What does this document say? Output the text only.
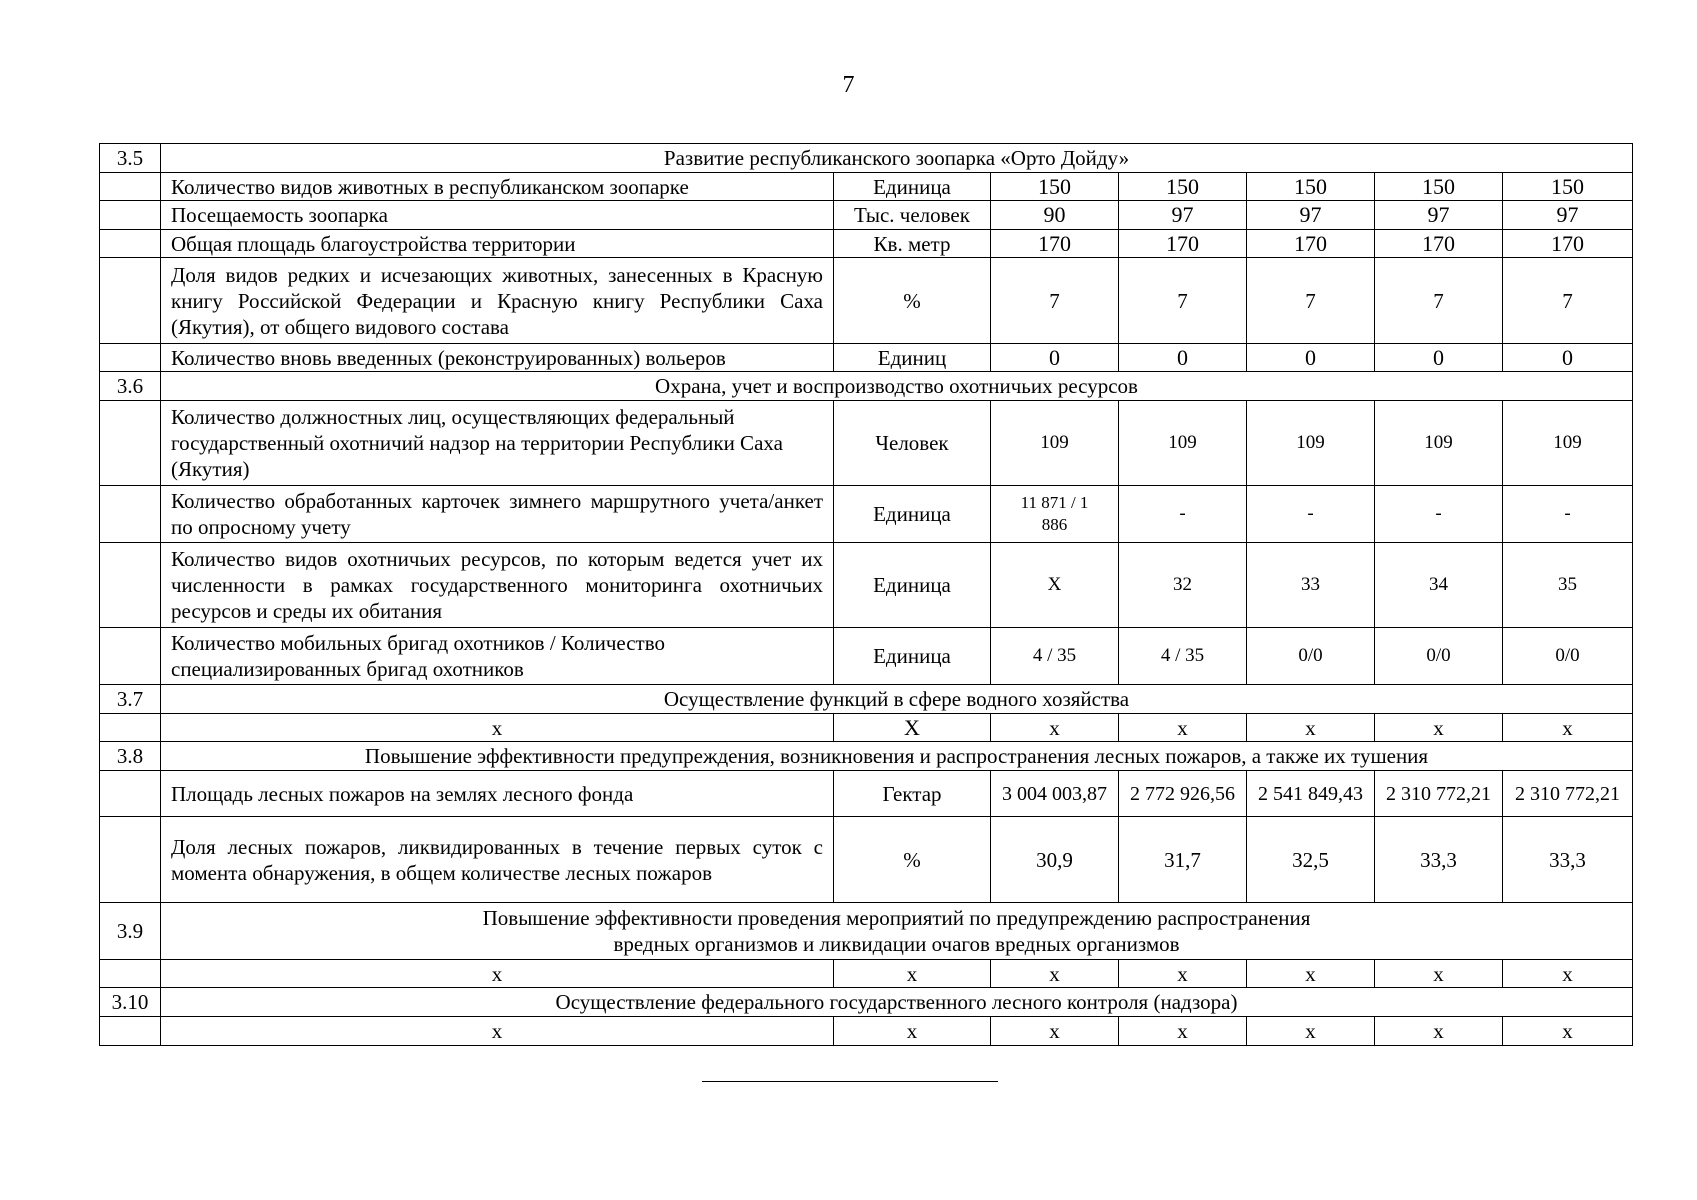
7
3.5	Развитие республиканского зоопарка «Орто Дойду»						
	Количество видов животных в республиканском зоопарке	Единица	150	150	150	150	150
	Посещаемость зоопарка	Тыс. человек	90	97	97	97	97
	Общая площадь благоустройства территории	Кв. метр	170	170	170	170	170
	Доля видов редких и исчезающих животных, занесенных в Красную книгу Российской Федерации и Красную книгу Республики Саха (Якутия), от общего видового состава	%	7	7	7	7	7
	Количество вновь введенных (реконструированных) вольеров	Единиц	0	0	0	0	0
3.6	Охрана, учет и воспроизводство охотничьих ресурсов						
	Количество должностных лиц, осуществляющих федеральный государственный охотничий надзор на территории Республики Саха (Якутия)	Человек	109	109	109	109	109
	Количество обработанных карточек зимнего маршрутного учета/анкет по опросному учету	Единица	11 871 / 1 886	-	-	-	-
	Количество видов охотничьих ресурсов, по которым ведется учет их численности в рамках государственного мониторинга охотничьих ресурсов и среды их обитания	Единица	Х	32	33	34	35
	Количество мобильных бригад охотников / Количество специализированных бригад охотников	Единица	4 / 35	4 / 35	0/0	0/0	0/0
3.7	Осуществление функций в сфере водного хозяйства						
	х	Х	х	х	х	х	х
3.8	Повышение эффективности предупреждения, возникновения и распространения лесных пожаров, а также их тушения						
	Площадь лесных пожаров на землях лесного фонда	Гектар	3 004 003,87	2 772 926,56	2 541 849,43	2 310 772,21	2 310 772,21
	Доля лесных пожаров, ликвидированных в течение первых суток с момента обнаружения, в общем количестве лесных пожаров	%	30,9	31,7	32,5	33,3	33,3
3.9	Повышение эффективности проведения мероприятий по предупреждению распространения
вредных организмов и ликвидации очагов вредных организмов						

	х	х	х	х	х	х	х
3.10	Осуществление федерального государственного лесного контроля (надзора)						
	х	х	х	х	х	х	х
